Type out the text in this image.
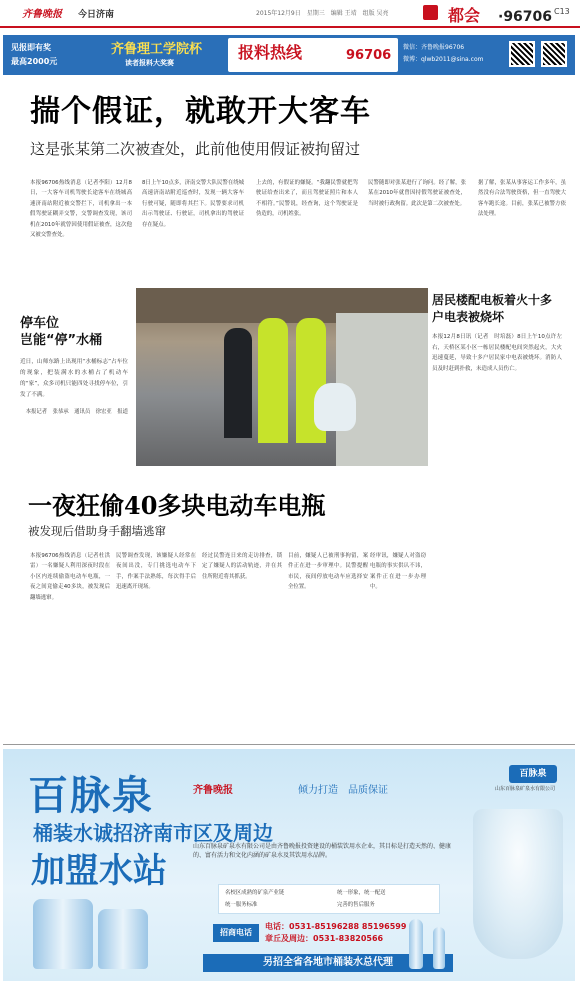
齐鲁晚报 今日济南	2015年12月9日　星期三　编辑 王靖　组版 吴亮	都会 ·96706 C13
见报即有奖
最高2000元
齐鲁理工学院杯
读者报料大奖赛
报料热线	96706
微信：齐鲁晚报96706
微博：qlwb2011@sina.com
揣个假证，就敢开大客车
这是张某第二次被查处，此前他使用假证被拘留过
本报96706热线消息（记者李阳）12月8日，一大客车司机驾驶长途客车在绕城高速济南站附近被交警拦下，司机拿出一本假驾驶证糊弄交警，交警调查发现，该司机在2010年就曾因使用假证被查，这次他又被交警查处。
8日上午10点多，济南交警大队民警在绕城高速济南站附近巡查时，发现一辆大客车行驶可疑，随即将其拦下。民警要求司机出示驾驶证、行驶证，司机拿出的驾驶证存在疑点。
上去的，有假证的嫌疑。“我翻民警就把驾驶证给查出来了，而且驾驶证照片和本人不相符。”民警说，经查询，这个驾驶证是伪造的，司机姓张。
民警随即对张某进行了询问。经了解，张某在2010年就曾因持假驾驶证被查处，当时被行政拘留。此次是第二次被查处。
据了解，张某从事客运工作多年，虽然没有合法驾驶资格，但一直驾驶大客车跑长途。目前，张某已被警方依法处理。
停车位
岂能“停”水桶
近日，山师东路上出现用“水桶标志”占车位的现象，把装满水的水桶占了机动车的“家”，众多司机只能四处寻找停车位，引发了不满。
本报记者　张恭承　通讯员　徐宏亚　报道
居民楼配电板着火十多户电表被烧坏
本报12月8日讯（记者　时培磊）8日上午10点许左右，天桥区某小区一栋居民楼配电间突然起火，大火迅速蔓延，导致十多户居民家中电表被烧坏。消防人员及时赶到扑救，未造成人员伤亡。
一夜狂偷40多块电动车电瓶
被发现后借助身手翻墙逃窜
本报96706热线消息（记者杜洪雷）一名嫌疑人利用深夜时段在小区内连续偷盗电动车电瓶，一夜之间竟偷走40多块，被发现后翻墙逃窜。
民警调查发现，该嫌疑人经常在夜间出没，专门挑选电动车下手，作案手法熟练，每次得手后迅速离开现场。
经过民警连日来的走访排查，锁定了嫌疑人的活动轨迹，并在其住所附近将其抓获。
目前，嫌疑人已被刑事拘留，案件正在进一步审理中。民警提醒市民，夜间停放电动车应选择安全位置。
经审讯，嫌疑人对盗窃电瓶的事实供认不讳，案件正在进一步办理中。
百脉泉
桶装水诚招济南市区及周边
加盟水站
齐鲁晚报	倾力打造 品质保证
山东百脉泉矿泉水有限公司是由齐鲁晚报投资建设的桶装饮用水企业，其目标是打造天然的、健康的、富有活力和文化内涵的矿泉水及其饮用水品牌。
名校区成熟的矿泉产业链	统一形象，统一配送
统一服务标准	完善的售后服务
招商电话
电话：0531-85196288 85196599
章丘及周边：0531-83820566
另招全省各地市桶装水总代理
百脉泉
山东百脉泉矿泉水有限公司
